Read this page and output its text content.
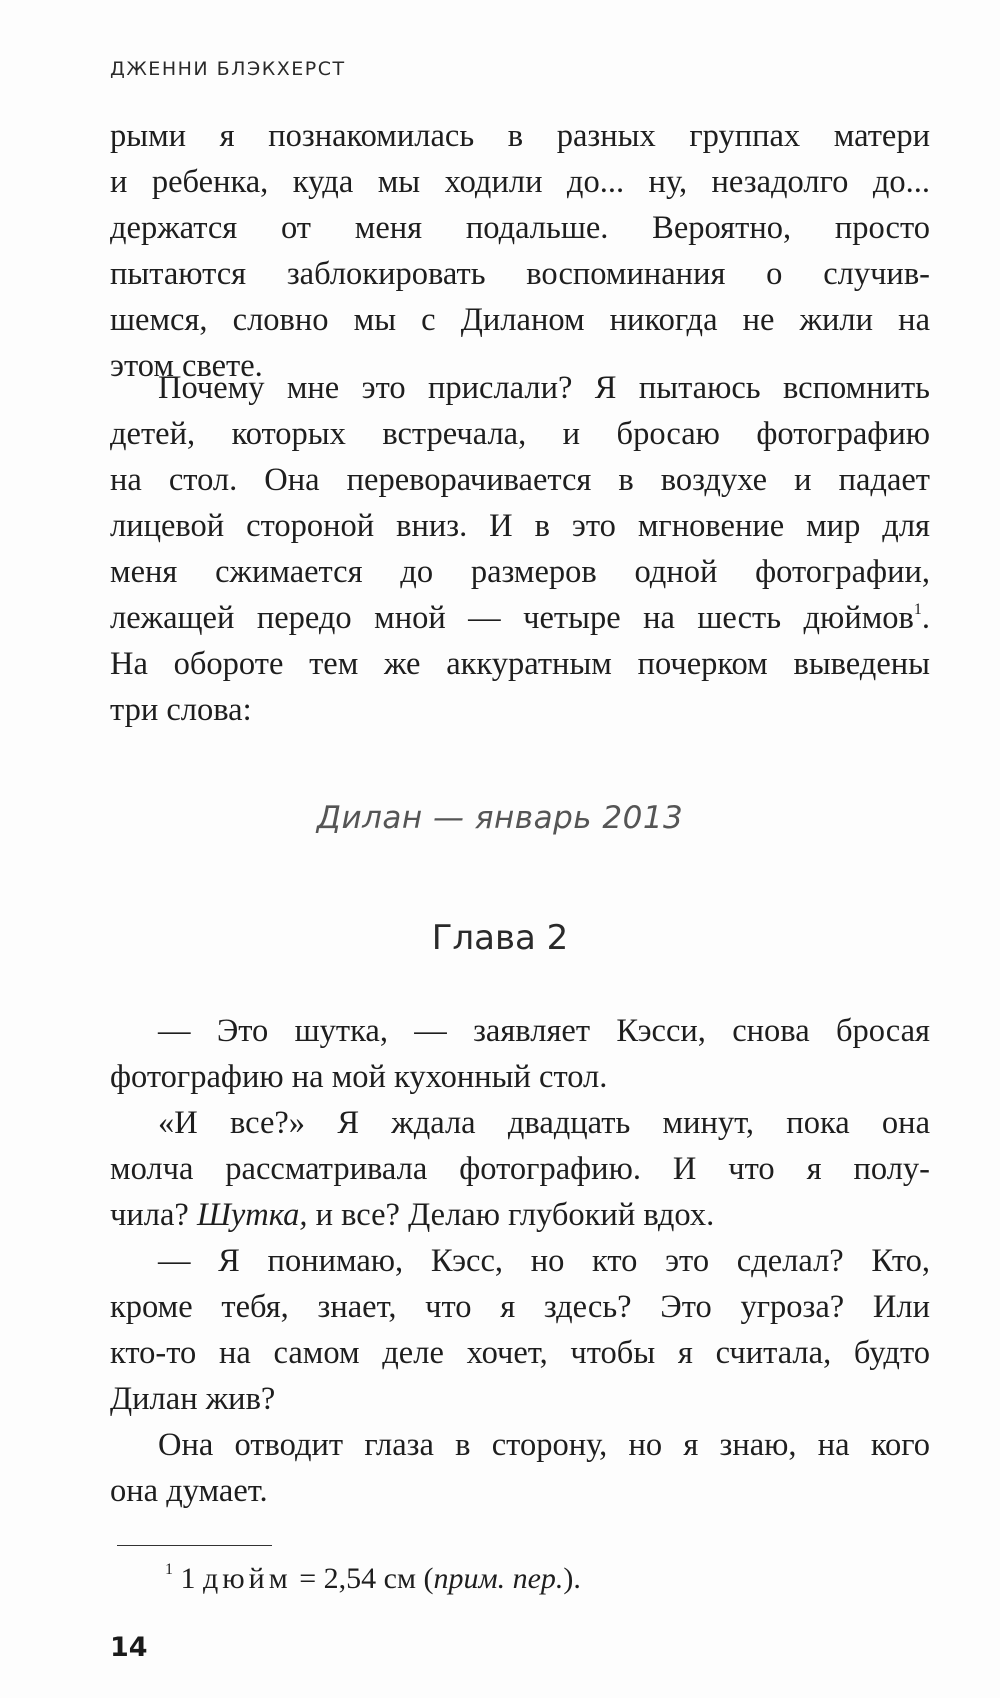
ДЖЕННИ БЛЭКХЕРСТ
рыми я познакомилась в разных группах матери
и ребенка, куда мы ходили до... ну, незадолго до...
держатся от меня подальше. Вероятно, просто
пытаются заблокировать воспоминания о случив-
шемся, словно мы с Диланом никогда не жили на
этом свете.
Почему мне это прислали? Я пытаюсь вспомнить
детей, которых встречала, и бросаю фотографию
на стол. Она переворачивается в воздухе и падает
лицевой стороной вниз. И в это мгновение мир для
меня сжимается до размеров одной фотографии,
лежащей передо мной — четыре на шесть дюймов$^1$.
На обороте тем же аккуратным почерком выведены
три слова:
Дилан — январь 2013
Глава 2
— Это шутка, — заявляет Кэсси, снова бросая
фотографию на мой кухонный стол.
«И все?» Я ждала двадцать минут, пока она
молча рассматривала фотографию. И что я полу-
чила? Шутка, и все? Делаю глубокий вдох.
— Я понимаю, Кэсс, но кто это сделал? Кто,
кроме тебя, знает, что я здесь? Это угроза? Или
кто-то на самом деле хочет, чтобы я считала, будто
Дилан жив?
Она отводит глаза в сторону, но я знаю, на кого
она думает.
$^1$ 1 дюйм = 2,54 см (прим. пер.).
14
